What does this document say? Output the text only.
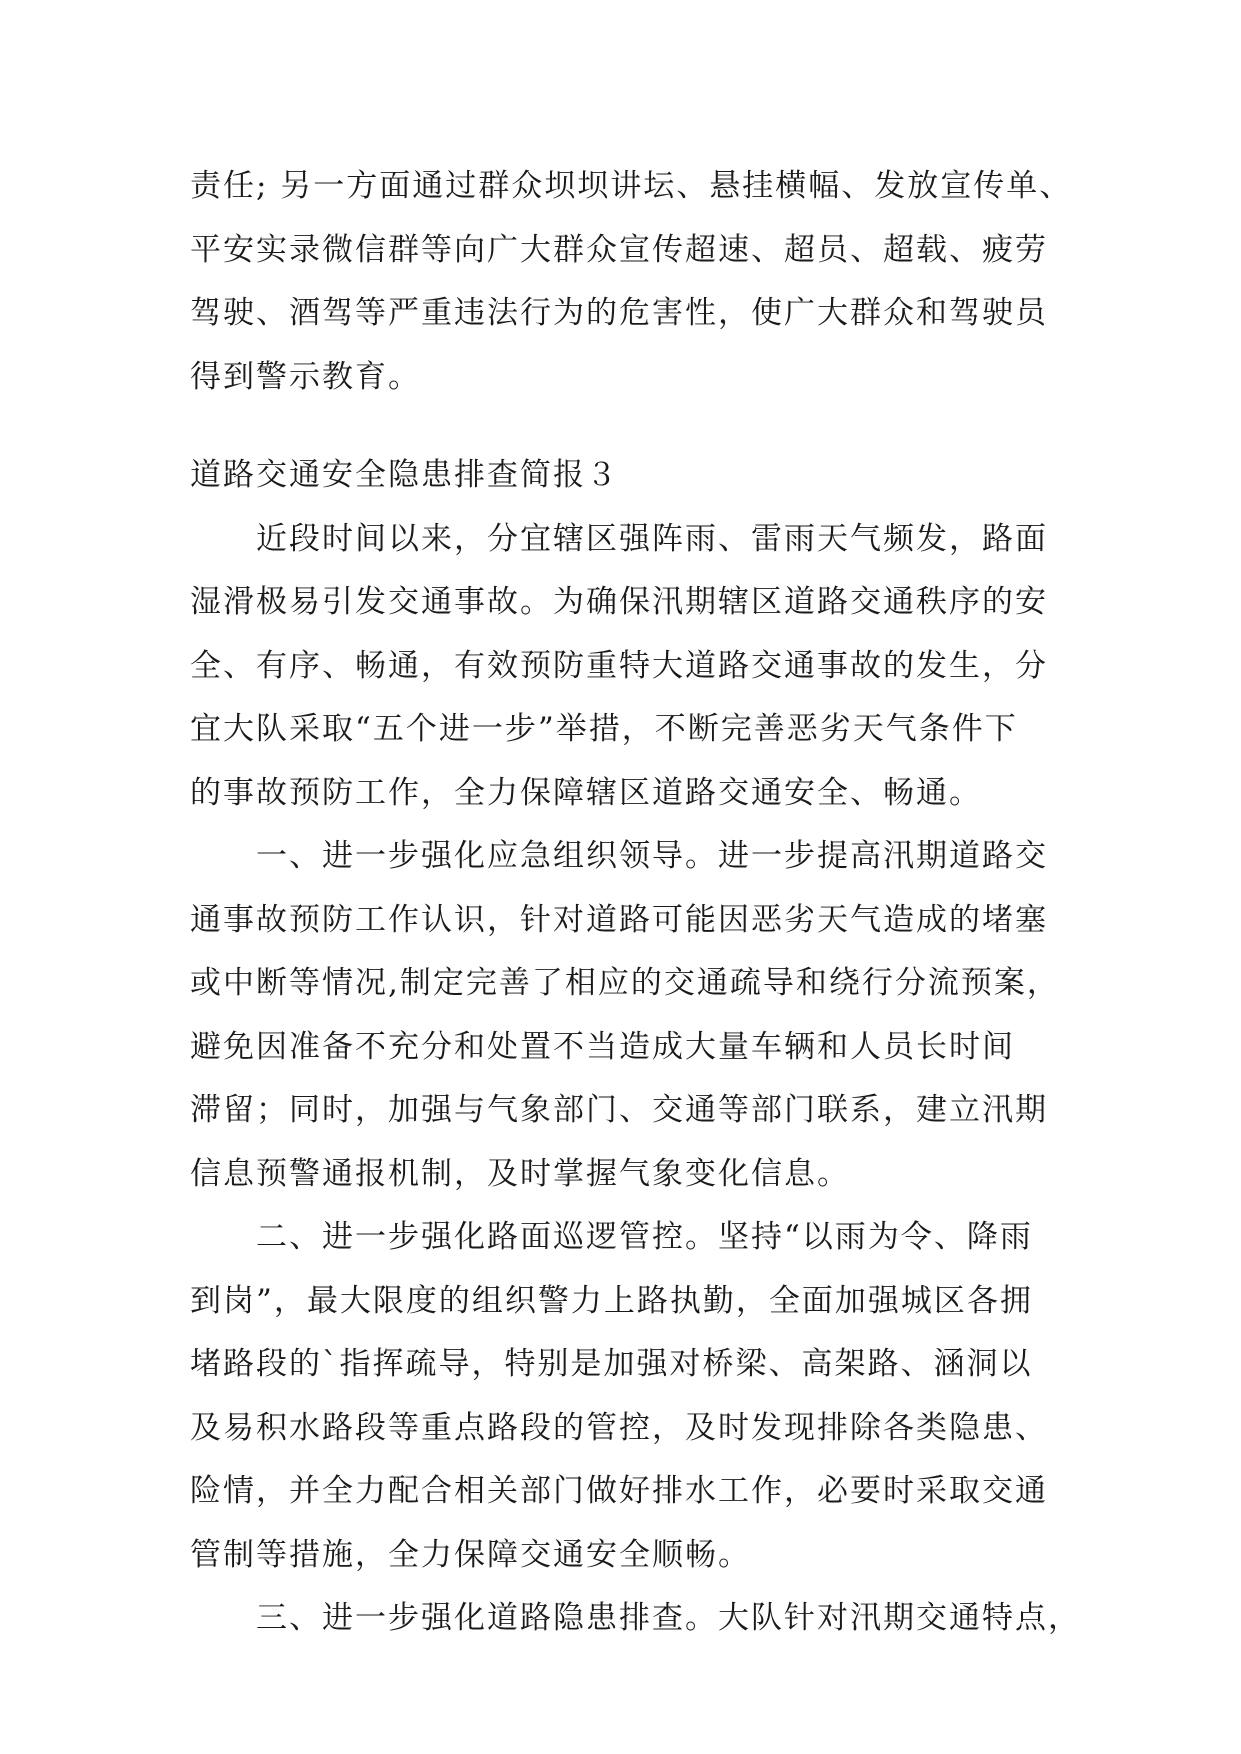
责任; 另一方面通过群众坝坝讲坛、悬挂横幅、发放宣传单、
平安实录微信群等向广大群众宣传超速、超员、超载、疲劳
驾驶、酒驾等严重违法行为的危害性，使广大群众和驾驶员
得到警示教育。
道路交通安全隐患排查简报３
近段时间以来，分宜辖区强阵雨、雷雨天气频发，路面
湿滑极易引发交通事故。为确保汛期辖区道路交通秩序的安
全、有序、畅通，有效预防重特大道路交通事故的发生，分
宜大队采取“五个进一步”举措，不断完善恶劣天气条件下
的事故预防工作，全力保障辖区道路交通安全、畅通。
一、进一步强化应急组织领导。进一步提高汛期道路交
通事故预防工作认识，针对道路可能因恶劣天气造成的堵塞
或中断等情况,制定完善了相应的交通疏导和绕行分流预案，
避免因准备不充分和处置不当造成大量车辆和人员长时间
滞留；同时，加强与气象部门、交通等部门联系，建立汛期
信息预警通报机制，及时掌握气象变化信息。
二、进一步强化路面巡逻管控。坚持“以雨为令、降雨
到岗”，最大限度的组织警力上路执勤，全面加强城区各拥
堵路段的`指挥疏导，特别是加强对桥梁、高架路、涵洞以
及易积水路段等重点路段的管控，及时发现排除各类隐患、
险情，并全力配合相关部门做好排水工作，必要时采取交通
管制等措施，全力保障交通安全顺畅。
三、进一步强化道路隐患排查。大队针对汛期交通特点，
